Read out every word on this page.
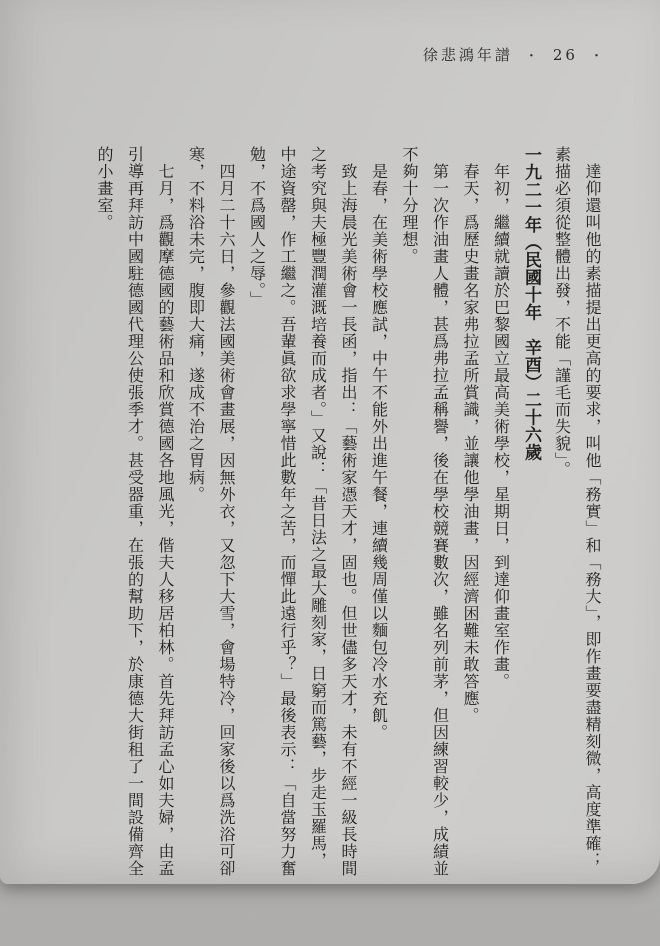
徐悲鴻年譜 ・ 26 ・

達仰還叫他的素描提出更高的要求，叫他「務實」和「務大」，即作畫要盡精刻微，高度準確；素描必須從整體出發，不能「謹毛而失貌」。

一九二一年（民國十年　辛酉）二十六歲

年初，繼續就讀於巴黎國立最高美術學校，星期日，到達仰畫室作畫。

春天，爲歷史畫名家弗拉孟所賞識，並讓他學油畫，因經濟困難未敢答應。

第一次作油畫人體，甚爲弗拉孟稱譽，後在學校競賽數次，雖名列前茅，但因練習較少，成績並不夠十分理想。

是春，在美術學校應試，中午不能外出進午餐，連續幾周僅以麵包冷水充飢。

致上海晨光美術會一長函，指出：「藝術家憑天才，固也。但世儘多天才，未有不經一級長時間之考究與夫極豐潤灌溉培養而成者。」又說：「昔日法之最大雕刻家，日窮而篤藝，步走玉羅馬，中途資罄，作工繼之。吾輩眞欲求學寧惜此數年之苦，而憚此遠行乎？」最後表示：「自當努力奮勉，不爲國人之辱。」

四月二十六日，參觀法國美術會畫展，因無外衣，又忽下大雪，會場特冷，回家後以爲洗浴可卻寒，不料浴未完，腹即大痛，遂成不治之胃病。

七月，爲觀摩德國的藝術品和欣賞德國各地風光，偕夫人移居柏林。首先拜訪孟心如夫婦，由孟引導再拜訪中國駐德國代理公使張季才。甚受器重，在張的幫助下，於康德大街租了一間設備齊全的小畫室。
